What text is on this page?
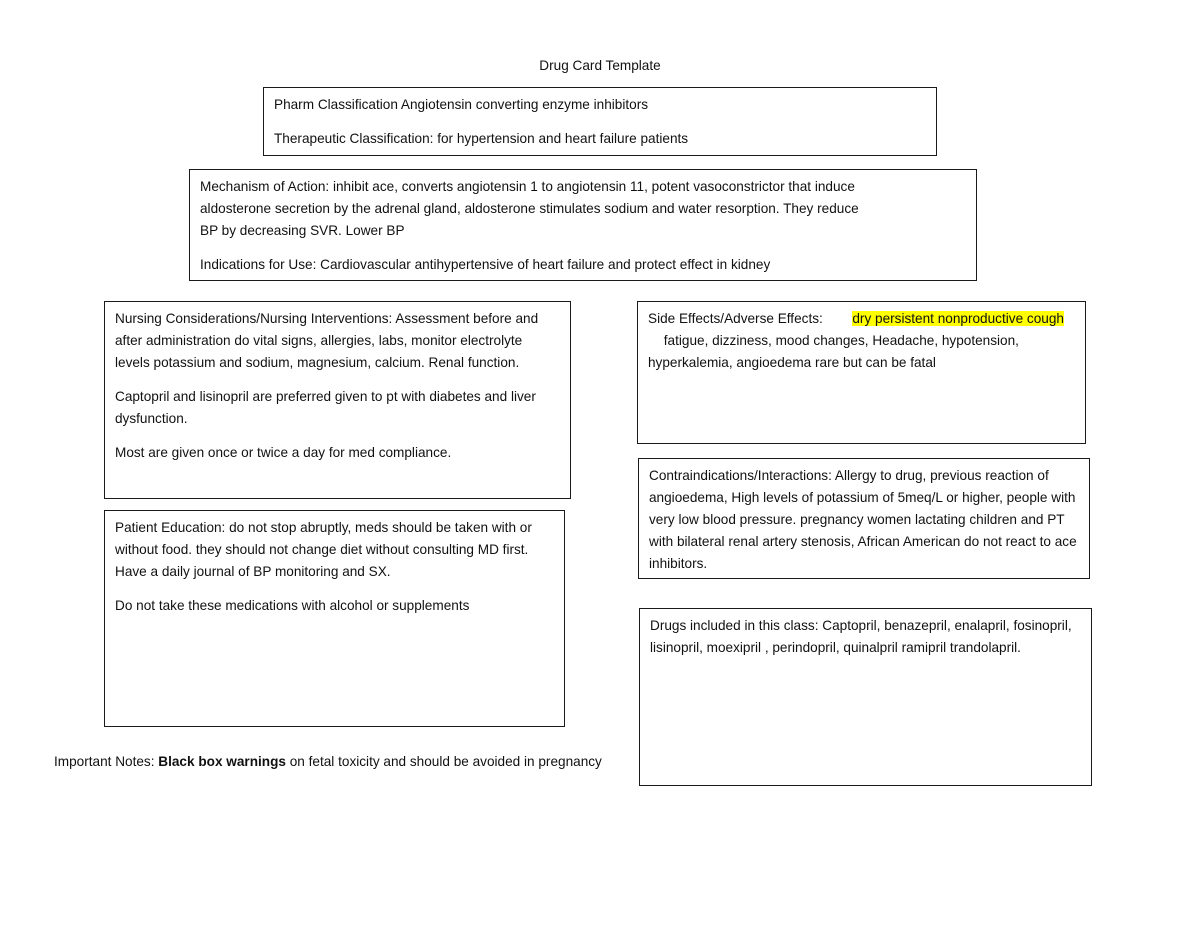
Drug Card Template

Pharm Classification Angiotensin converting enzyme inhibitors

Therapeutic Classification: for hypertension and heart failure patients

Mechanism of Action: inhibit ace, converts angiotensin 1 to angiotensin 11, potent vasoconstrictor that induce

aldosterone secretion by the adrenal gland, aldosterone stimulates sodium and water resorption. They reduce

BP by decreasing SVR. Lower BP

Indications for Use: Cardiovascular antihypertensive of heart failure and protect effect in kidney

Nursing Considerations/Nursing Interventions: Assessment before and after administration do vital signs, allergies, labs, monitor electrolyte levels potassium and sodium, magnesium, calcium. Renal function.

Captopril and lisinopril are preferred given to pt with diabetes and liver dysfunction.

Most are given once or twice a day for med compliance.

Side Effects/Adverse Effects: dry persistent nonproductive cough  fatigue, dizziness, mood changes, Headache, hypotension, hyperkalemia, angioedema rare but can be fatal

Contraindications/Interactions: Allergy to drug, previous reaction of angioedema, High levels of potassium of 5meq/L or higher, people with very low blood pressure. pregnancy women lactating children and PT with bilateral renal artery stenosis, African American do not react to ace inhibitors.

Patient Education: do not stop abruptly, meds should be taken with or without food. they should not change diet without consulting MD first. Have a daily journal of BP monitoring and SX.

Do not take these medications with alcohol or supplements

Drugs included in this class: Captopril, benazepril, enalapril, fosinopril, lisinopril, moexipril , perindopril, quinalpril ramipril trandolapril.

Important Notes: Black box warnings on fetal toxicity and should be avoided in pregnancy
